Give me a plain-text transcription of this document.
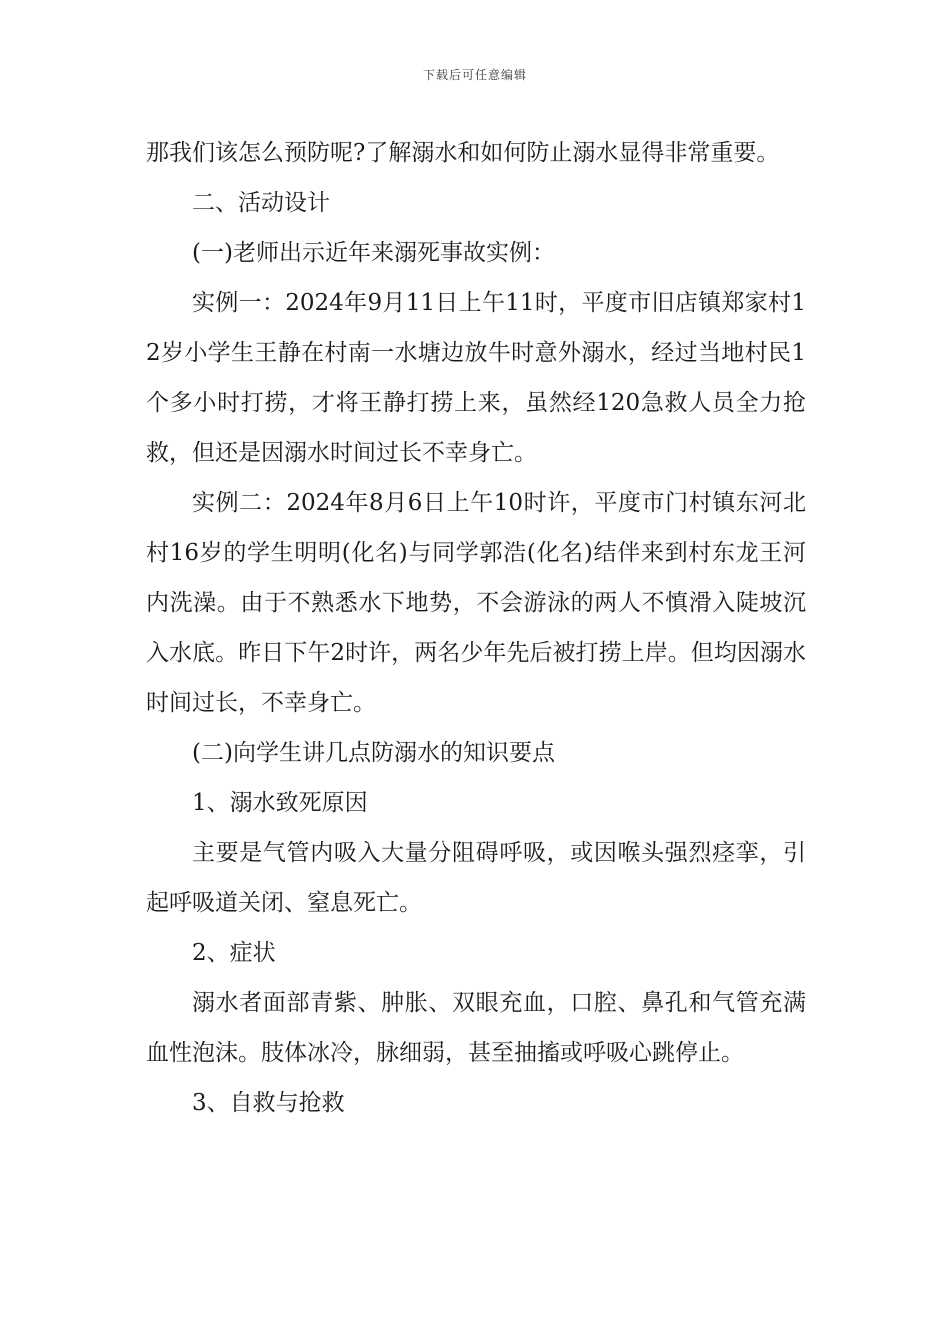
下载后可任意编辑

那我们该怎么预防呢?了解溺水和如何防止溺水显得非常重要。

二、活动设计

(一)老师出示近年来溺死事故实例：

实例一：2024年9月11日上午11时，平度市旧店镇郑家村12岁小学生王静在村南一水塘边放牛时意外溺水，经过当地村民1个多小时打捞，才将王静打捞上来，虽然经120急救人员全力抢救，但还是因溺水时间过长不幸身亡。

实例二：2024年8月6日上午10时许，平度市门村镇东河北村16岁的学生明明(化名)与同学郭浩(化名)结伴来到村东龙王河内洗澡。由于不熟悉水下地势，不会游泳的两人不慎滑入陡坡沉入水底。昨日下午2时许，两名少年先后被打捞上岸。但均因溺水时间过长，不幸身亡。

(二)向学生讲几点防溺水的知识要点

1、溺水致死原因

主要是气管内吸入大量分阻碍呼吸，或因喉头强烈痉挛，引起呼吸道关闭、窒息死亡。

2、症状

溺水者面部青紫、肿胀、双眼充血，口腔、鼻孔和气管充满血性泡沫。肢体冰冷，脉细弱，甚至抽搐或呼吸心跳停止。

3、自救与抢救
